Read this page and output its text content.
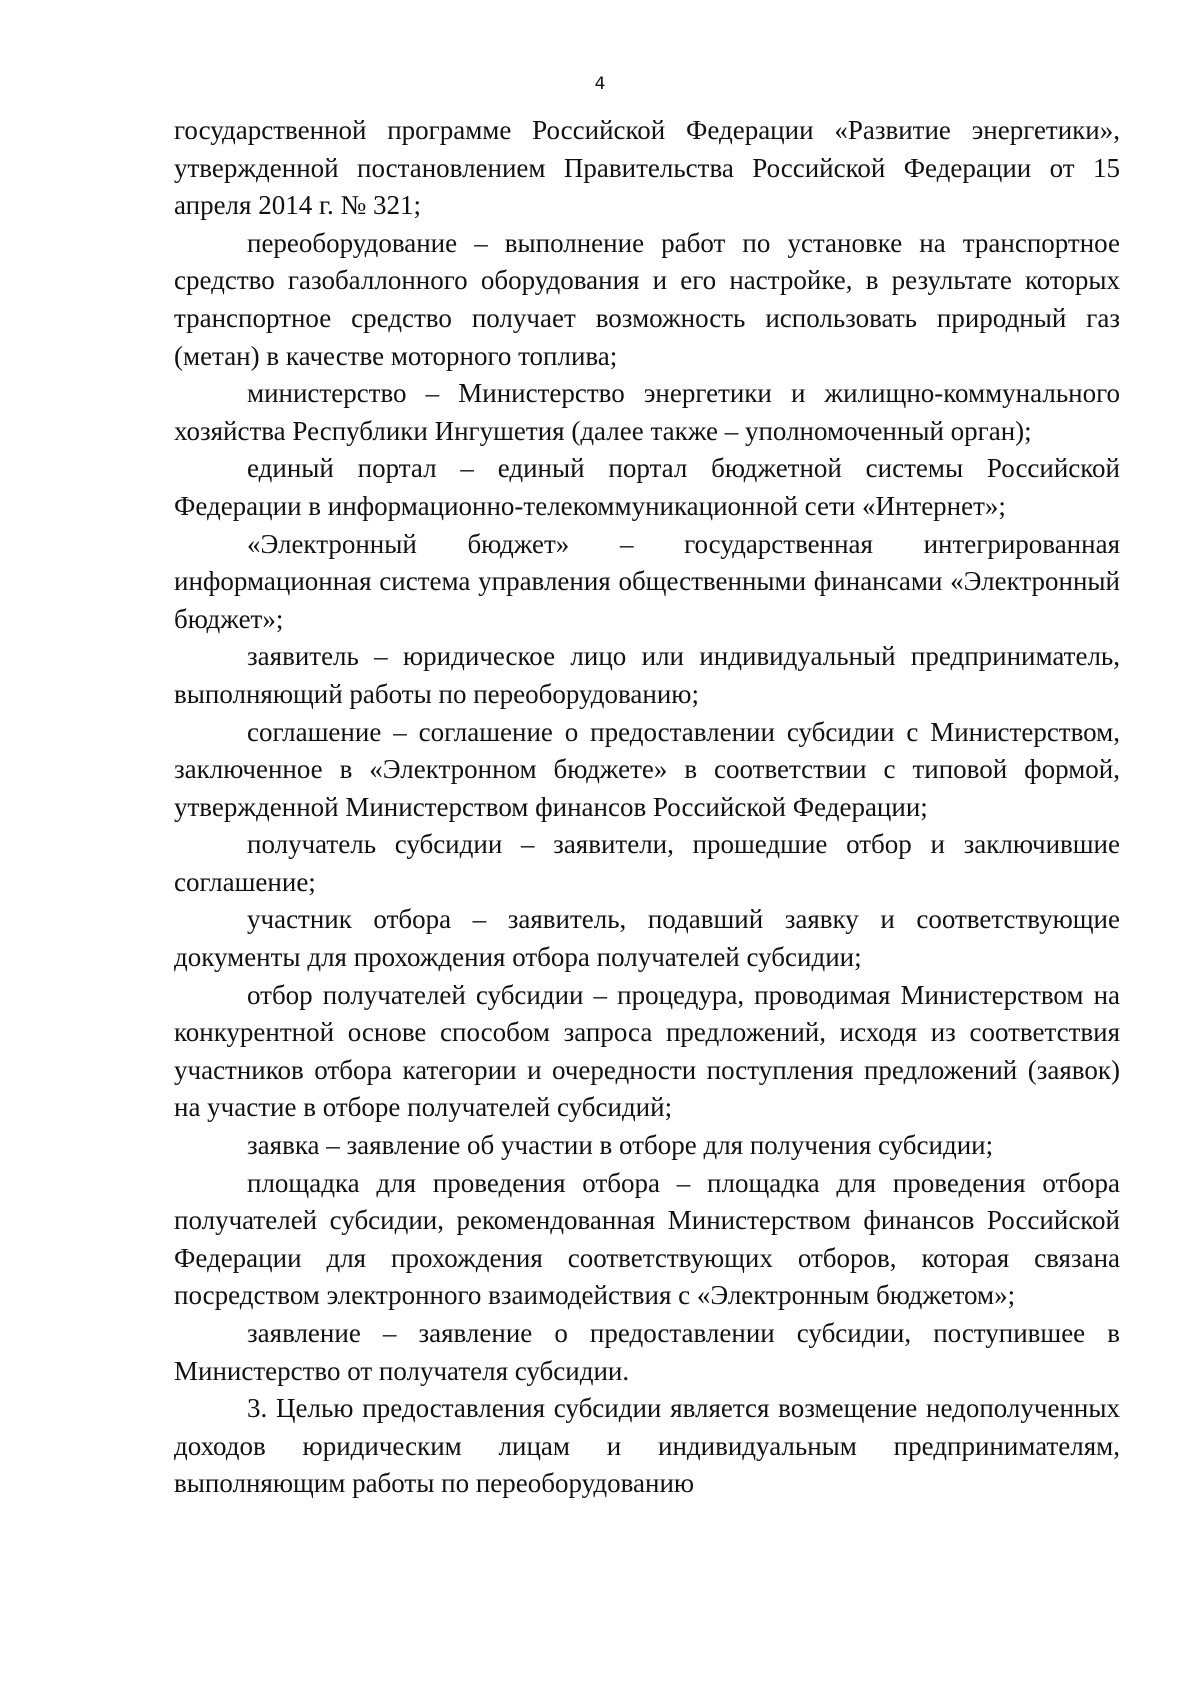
4

государственной программе Российской Федерации «Развитие энергетики», утвержденной постановлением Правительства Российской Федерации от 15 апреля 2014 г. № 321;

переоборудование – выполнение работ по установке на транспортное средство газобаллонного оборудования и его настройке, в результате которых транспортное средство получает возможность использовать природный газ (метан) в качестве моторного топлива;

министерство – Министерство энергетики и жилищно-коммунального хозяйства Республики Ингушетия (далее также – уполномоченный орган);

единый портал – единый портал бюджетной системы Российской Федерации в информационно-телекоммуникационной сети «Интернет»;

«Электронный бюджет» – государственная интегрированная информационная система управления общественными финансами «Электронный бюджет»;

заявитель – юридическое лицо или индивидуальный предприниматель, выполняющий работы по переоборудованию;

соглашение – соглашение о предоставлении субсидии с Министерством, заключенное в «Электронном бюджете» в соответствии с типовой формой, утвержденной Министерством финансов Российской Федерации;

получатель субсидии – заявители, прошедшие отбор и заключившие соглашение;

участник отбора – заявитель, подавший заявку и соответствующие документы для прохождения отбора получателей субсидии;

отбор получателей субсидии – процедура, проводимая Министерством на конкурентной основе способом запроса предложений, исходя из соответствия участников отбора категории и очередности поступления предложений (заявок) на участие в отборе получателей субсидий;

заявка – заявление об участии в отборе для получения субсидии;

площадка для проведения отбора – площадка для проведения отбора получателей субсидии, рекомендованная Министерством финансов Российской Федерации для прохождения соответствующих отборов, которая связана посредством электронного взаимодействия с «Электронным бюджетом»;

заявление – заявление о предоставлении субсидии, поступившее в Министерство от получателя субсидии.

3. Целью предоставления субсидии является возмещение недополученных доходов юридическим лицам и индивидуальным предпринимателям, выполняющим работы по переоборудованию
